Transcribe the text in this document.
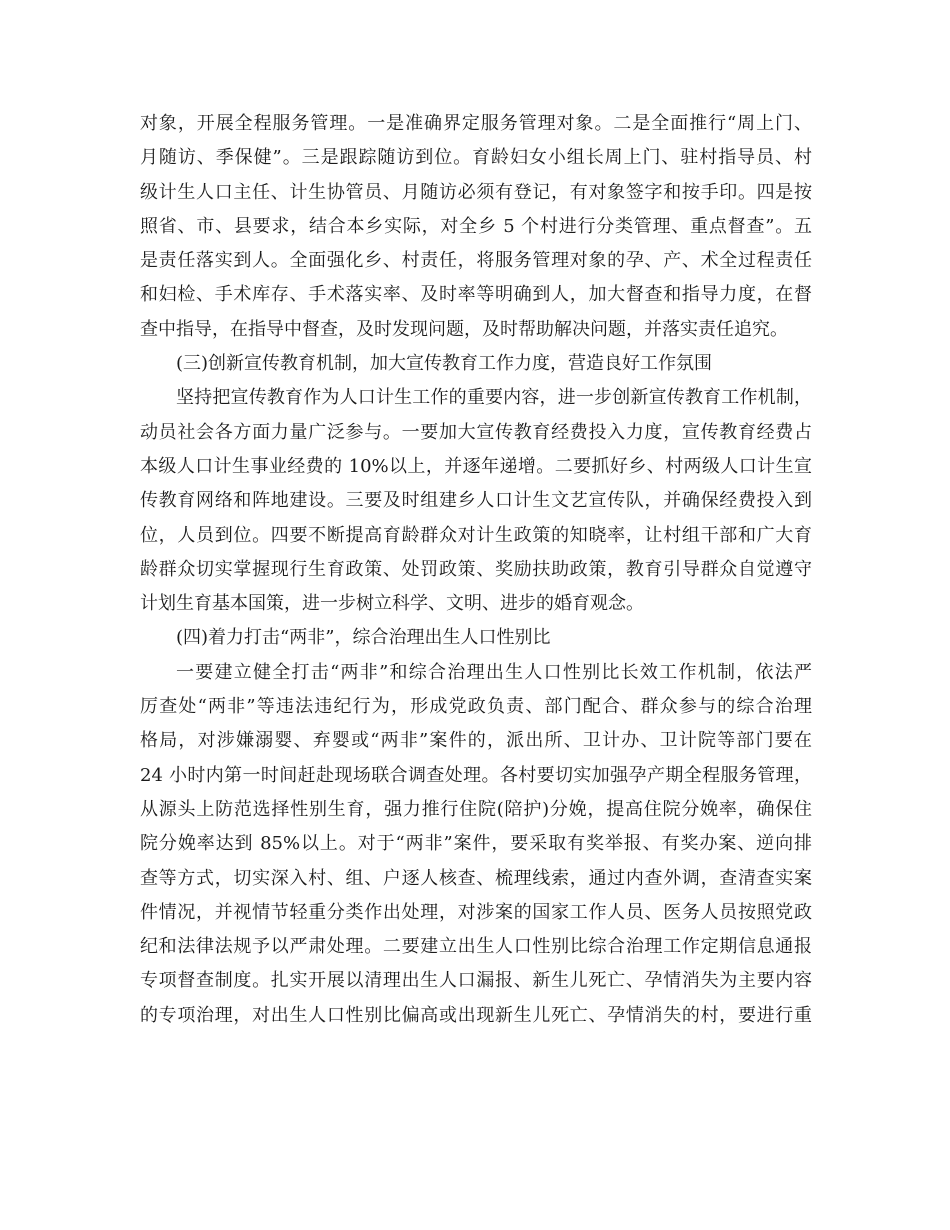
对象，开展全程服务管理。一是准确界定服务管理对象。二是全面推行“周上门、
月随访、季保健”。三是跟踪随访到位。育龄妇女小组长周上门、驻村指导员、村
级计生人口主任、计生协管员、月随访必须有登记，有对象签字和按手印。四是按
照省、市、县要求，结合本乡实际，对全乡 5 个村进行分类管理、重点督查”。五
是责任落实到人。全面强化乡、村责任，将服务管理对象的孕、产、术全过程责任
和妇检、手术库存、手术落实率、及时率等明确到人，加大督查和指导力度，在督
查中指导，在指导中督查，及时发现问题，及时帮助解决问题，并落实责任追究。
(三)创新宣传教育机制，加大宣传教育工作力度，营造良好工作氛围
坚持把宣传教育作为人口计生工作的重要内容，进一步创新宣传教育工作机制，
动员社会各方面力量广泛参与。一要加大宣传教育经费投入力度，宣传教育经费占
本级人口计生事业经费的 10%以上，并逐年递增。二要抓好乡、村两级人口计生宣
传教育网络和阵地建设。三要及时组建乡人口计生文艺宣传队，并确保经费投入到
位，人员到位。四要不断提高育龄群众对计生政策的知晓率，让村组干部和广大育
龄群众切实掌握现行生育政策、处罚政策、奖励扶助政策，教育引导群众自觉遵守
计划生育基本国策，进一步树立科学、文明、进步的婚育观念。
(四)着力打击“两非”，综合治理出生人口性别比
一要建立健全打击“两非”和综合治理出生人口性别比长效工作机制，依法严
厉查处“两非”等违法违纪行为，形成党政负责、部门配合、群众参与的综合治理
格局，对涉嫌溺婴、弃婴或“两非”案件的，派出所、卫计办、卫计院等部门要在
24 小时内第一时间赶赴现场联合调查处理。各村要切实加强孕产期全程服务管理，
从源头上防范选择性别生育，强力推行住院(陪护)分娩，提高住院分娩率，确保住
院分娩率达到 85%以上。对于“两非”案件，要采取有奖举报、有奖办案、逆向排
查等方式，切实深入村、组、户逐人核查、梳理线索，通过内查外调，查清查实案
件情况，并视情节轻重分类作出处理，对涉案的国家工作人员、医务人员按照党政
纪和法律法规予以严肃处理。二要建立出生人口性别比综合治理工作定期信息通报
专项督查制度。扎实开展以清理出生人口漏报、新生儿死亡、孕情消失为主要内容
的专项治理，对出生人口性别比偏高或出现新生儿死亡、孕情消失的村，要进行重
